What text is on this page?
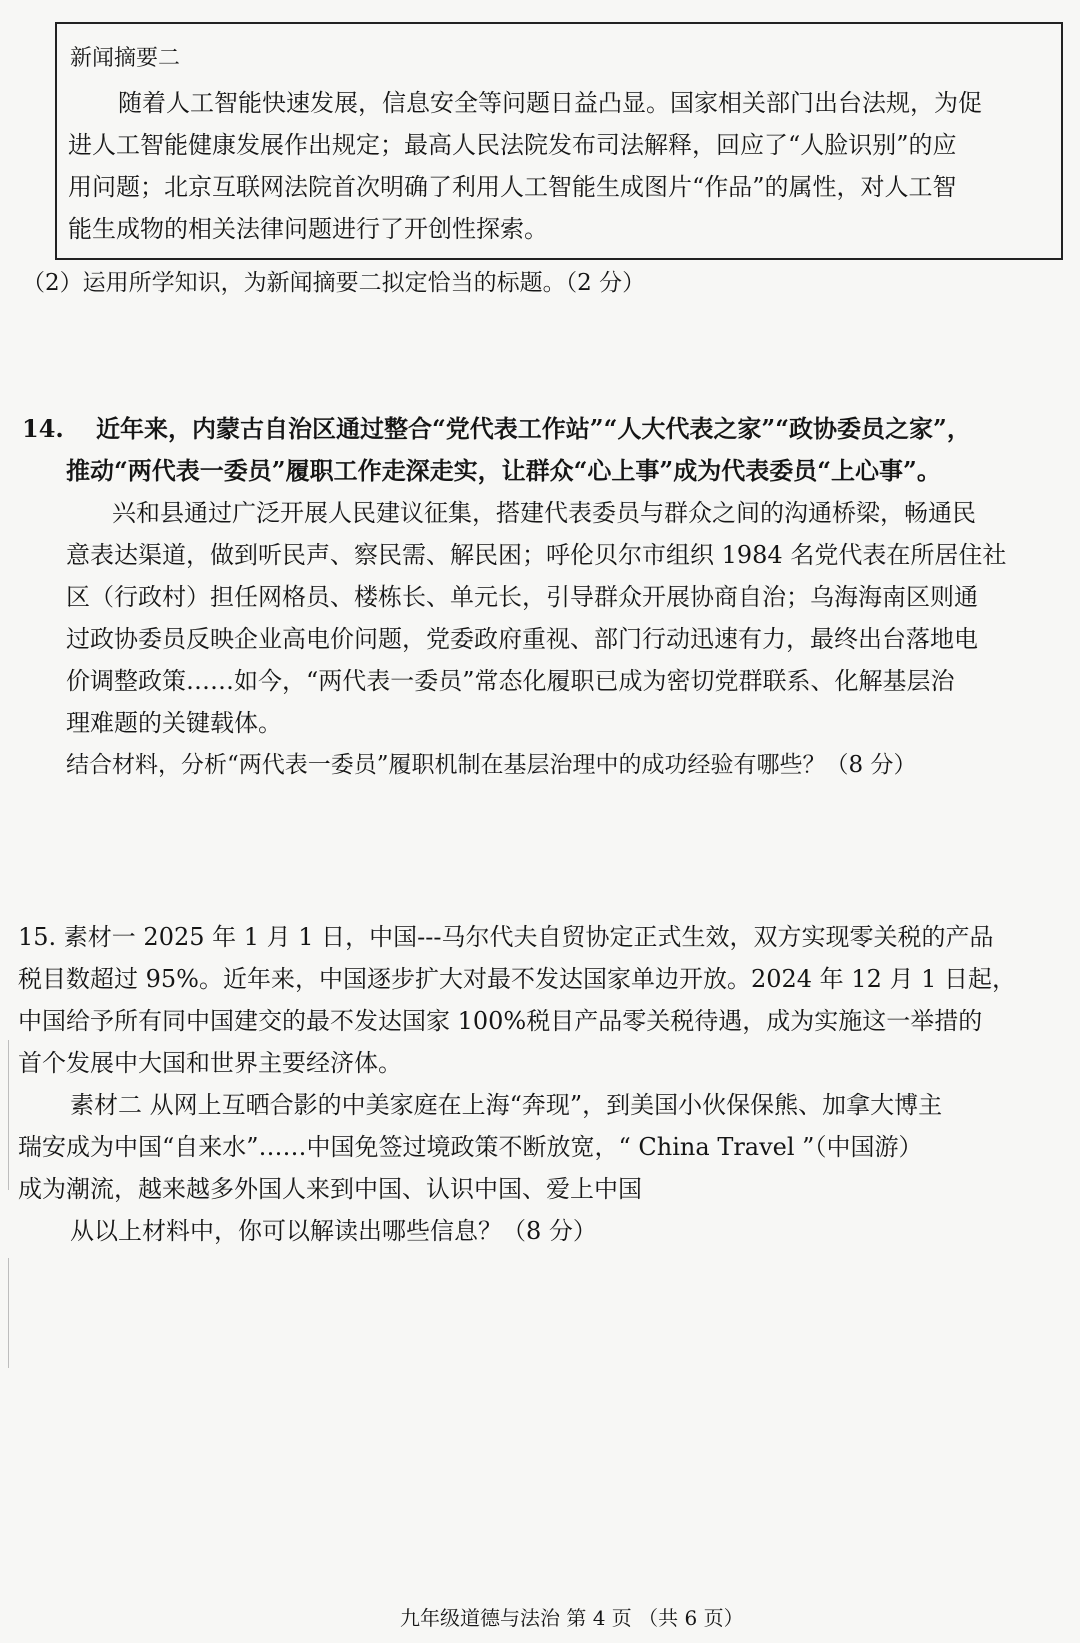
新闻摘要二
随着人工智能快速发展，信息安全等问题日益凸显。国家相关部门出台法规，为促
进人工智能健康发展作出规定；最高人民法院发布司法解释，回应了“人脸识别”的应
用问题；北京互联网法院首次明确了利用人工智能生成图片“作品”的属性，对人工智
能生成物的相关法律问题进行了开创性探索。
（2）运用所学知识，为新闻摘要二拟定恰当的标题。（2 分）
14. 近年来，内蒙古自治区通过整合“党代表工作站”“人大代表之家”“政协委员之家”，
推动“两代表一委员”履职工作走深走实，让群众“心上事”成为代表委员“上心事”。
兴和县通过广泛开展人民建议征集，搭建代表委员与群众之间的沟通桥梁，畅通民
意表达渠道，做到听民声、察民需、解民困；呼伦贝尔市组织 1984 名党代表在所居住社
区（行政村）担任网格员、楼栋长、单元长，引导群众开展协商自治；乌海海南区则通
过政协委员反映企业高电价问题，党委政府重视、部门行动迅速有力，最终出台落地电
价调整政策……如今，“两代表一委员”常态化履职已成为密切党群联系、化解基层治
理难题的关键载体。
结合材料，分析“两代表一委员”履职机制在基层治理中的成功经验有哪些？（8 分）
15. 素材一 2025 年 1 月 1 日，中国---马尔代夫自贸协定正式生效，双方实现零关税的产品
税目数超过 95%。近年来，中国逐步扩大对最不发达国家单边开放。2024 年 12 月 1 日起，
中国给予所有同中国建交的最不发达国家 100%税目产品零关税待遇，成为实施这一举措的
首个发展中大国和世界主要经济体。
素材二 从网上互晒合影的中美家庭在上海“奔现”，到美国小伙保保熊、加拿大博主
瑞安成为中国“自来水”……中国免签过境政策不断放宽，“ China Travel ”（中国游）
成为潮流，越来越多外国人来到中国、认识中国、爱上中国
从以上材料中，你可以解读出哪些信息？（8 分）
九年级道德与法治 第 4 页 （共 6 页）
